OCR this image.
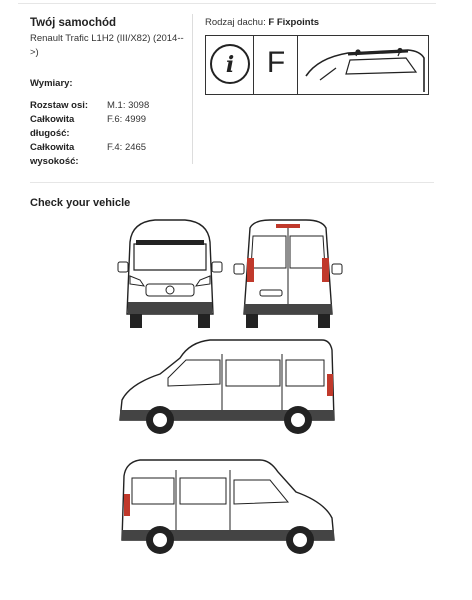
Twój samochód
Renault Trafic L1H2 (III/X82) (2014-->)
Wymiary:
Rozstaw osi:	M.1: 3098
Całkowita długość:
F.6: 4999
Całkowita wysokość:
F.4: 2465
Rodzaj dachu: F Fixpoints
i	F
Check your vehicle
